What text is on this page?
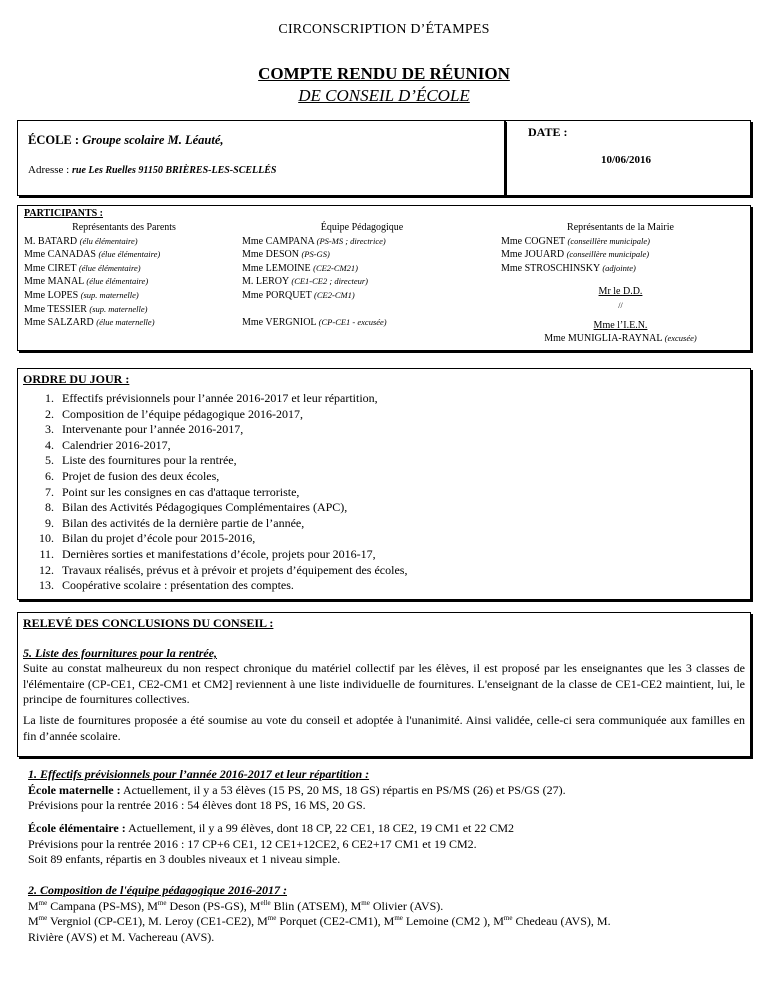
CIRCONSCRIPTION D’ÉTAMPES
COMPTE RENDU DE RÉUNION
DE CONSEIL D’ÉCOLE
ÉCOLE : Groupe scolaire M. Léauté,
Adresse : rue Les Ruelles 91150 BRIÈRES-LES-SCELLÉS
DATE :
10/06/2016
PARTICIPANTS :
Représentants des Parents
M. BATARD (élu élémentaire)
Mme CANADAS (élue élémentaire)
Mme CIRET (élue élémentaire)
Mme MANAL (élue élémentaire)
Mme LOPES (sup. maternelle)
Mme TESSIER (sup. maternelle)
Mme SALZARD (élue maternelle)
Équipe Pédagogique
Mme CAMPANA (PS-MS ; directrice)
Mme DESON (PS-GS)
Mme LEMOINE (CE2-CM21)
M. LEROY (CE1-CE2 ; directeur)
Mme PORQUET (CE2-CM1)

Mme VERGNIOL (CP-CE1 - excusée)
Représentants de la Mairie
Mme COGNET (conseillère municipale)
Mme JOUARD (conseillère municipale)
Mme STROSCHINSKY (adjointe)
Mr le D.D.
//
Mme l’I.E.N.
Mme MUNIGLIA-RAYNAL (excusée)
ORDRE DU JOUR :
1. Effectifs prévisionnels pour l’année 2016-2017 et leur répartition,
2. Composition de l’équipe pédagogique 2016-2017,
3. Intervenante pour l’année 2016-2017,
4. Calendrier 2016-2017,
5. Liste des fournitures pour la rentrée,
6. Projet de fusion des deux écoles,
7. Point sur les consignes en cas d'attaque terroriste,
8. Bilan des Activités Pédagogiques Complémentaires (APC),
9. Bilan des activités de la dernière partie de l’année,
10. Bilan du projet d’école pour 2015-2016,
11. Dernières sorties et manifestations d’école, projets pour 2016-17,
12. Travaux réalisés, prévus et à prévoir et projets d’équipement des écoles,
13. Coopérative scolaire : présentation des comptes.
RELEVÉ DES CONCLUSIONS DU CONSEIL :
5. Liste des fournitures pour la rentrée,
Suite au constat malheureux du non respect chronique du matériel collectif par les élèves, il est proposé par les enseignantes que les 3 classes de l'élémentaire (CP-CE1, CE2-CM1 et CM2] reviennent à une liste individuelle de fournitures. L'enseignant de la classe de CE1-CE2 maintient, lui, le principe de fournitures collectives.
La liste de fournitures proposée a été soumise au vote du conseil et adoptée à l'unanimité. Ainsi validée, celle-ci sera communiquée aux familles en fin d’année scolaire.
1. Effectifs prévisionnels pour l’année 2016-2017 et leur répartition :
École maternelle : Actuellement, il y a 53 élèves (15 PS, 20 MS, 18 GS) répartis en PS/MS (26) et PS/GS (27).
Prévisions pour la rentrée 2016 : 54 élèves dont 18 PS, 16 MS, 20 GS.
École élémentaire : Actuellement, il y a 99 élèves, dont 18 CP, 22 CE1, 18 CE2, 19 CM1 et 22 CM2
Prévisions pour la rentrée 2016 : 17 CP+6 CE1, 12 CE1+12CE2, 6 CE2+17 CM1 et 19 CM2.
Soit 89 enfants, répartis en 3 doubles niveaux et 1 niveau simple.
2. Composition de l'équipe pédagogique 2016-2017 :
$M^{me}$ Campana (PS-MS), $M^{me}$ Deson (PS-GS), $M^{elle}$ Blin (ATSEM), $M^{me}$ Olivier (AVS).
$M^{me}$ Vergniol (CP-CE1), M. Leroy (CE1-CE2), $M^{me}$ Porquet (CE2-CM1), $M^{me}$ Lemoine (CM2 ), $M^{me}$ Chedeau (AVS), M.
Rivière (AVS) et M. Vachereau (AVS).
